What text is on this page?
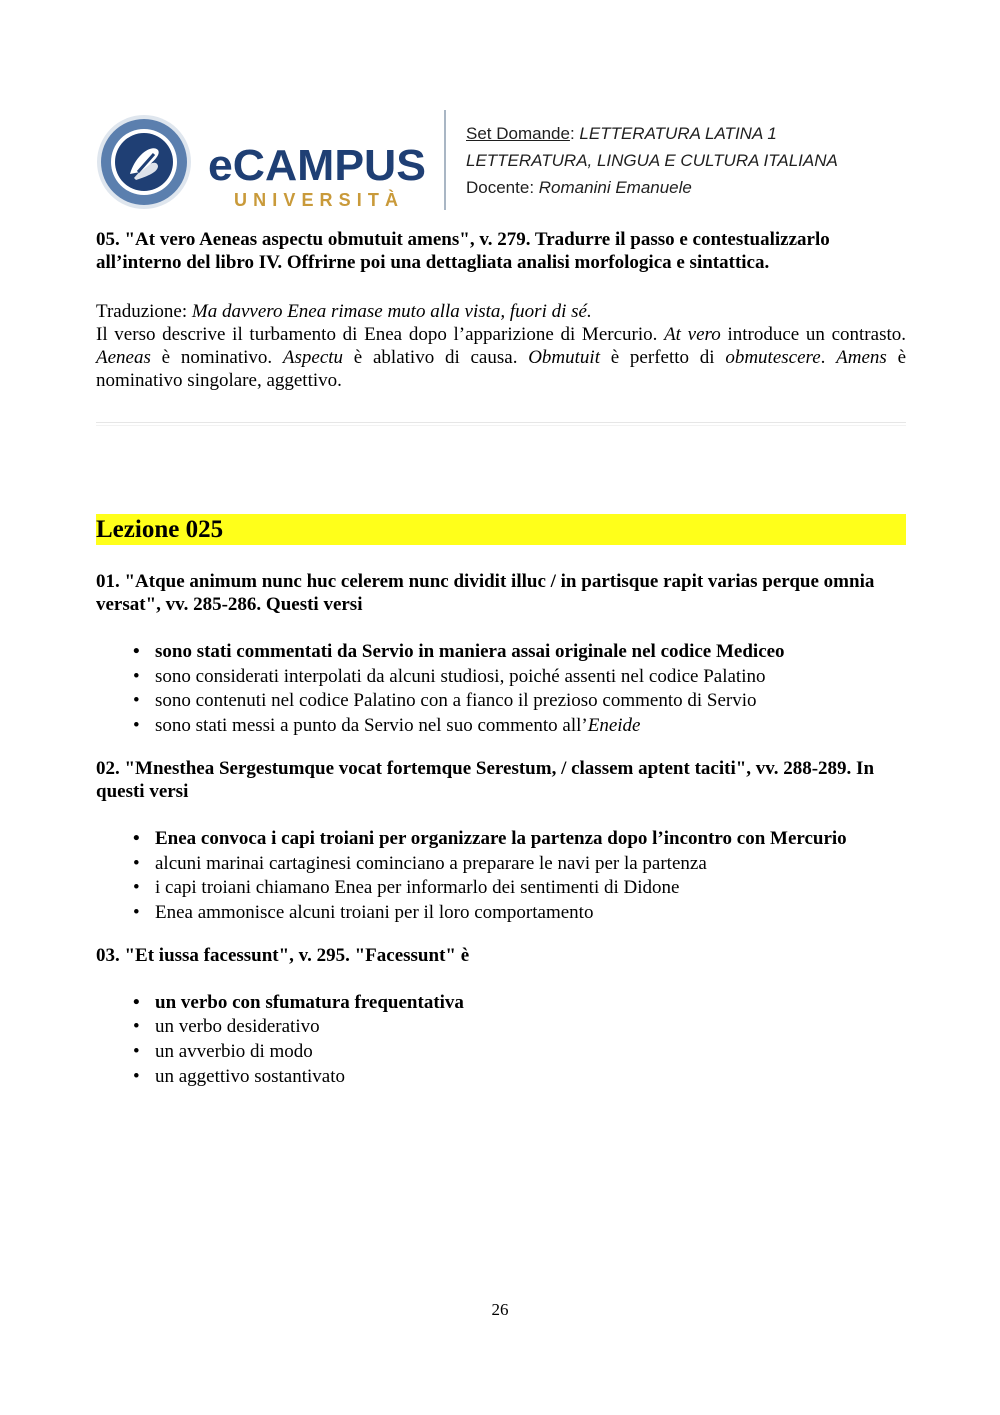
eCAMPUS
UNIVERSITÀ
Set Domande: LETTERATURA LATINA 1
LETTERATURA, LINGUA E CULTURA ITALIANA
Docente: Romanini Emanuele

05. "At vero Aeneas aspectu obmutuit amens", v. 279. Tradurre il passo e contestualizzarlo all’interno del libro IV. Offrirne poi una dettagliata analisi morfologica e sintattica.

Traduzione: Ma davvero Enea rimase muto alla vista, fuori di sé.

Il verso descrive il turbamento di Enea dopo l’apparizione di Mercurio. At vero introduce un contrasto. Aeneas è nominativo. Aspectu è ablativo di causa. Obmutuit è perfetto di obmutescere. Amens è nominativo singolare, aggettivo.

Lezione 025

01. "Atque animum nunc huc celerem nunc dividit illuc / in partisque rapit varias perque omnia versat", vv. 285-286. Questi versi

• sono stati commentati da Servio in maniera assai originale nel codice Mediceo
• sono considerati interpolati da alcuni studiosi, poiché assenti nel codice Palatino
• sono contenuti nel codice Palatino con a fianco il prezioso commento di Servio
• sono stati messi a punto da Servio nel suo commento all’Eneide

02. "Mnesthea Sergestumque vocat fortemque Serestum, / classem aptent taciti", vv. 288-289. In questi versi

• Enea convoca i capi troiani per organizzare la partenza dopo l’incontro con Mercurio
• alcuni marinai cartaginesi cominciano a preparare le navi per la partenza
• i capi troiani chiamano Enea per informarlo dei sentimenti di Didone
• Enea ammonisce alcuni troiani per il loro comportamento

03. "Et iussa facessunt", v. 295. "Facessunt" è

• un verbo con sfumatura frequentativa
• un verbo desiderativo
• un avverbio di modo
• un aggettivo sostantivato
26
